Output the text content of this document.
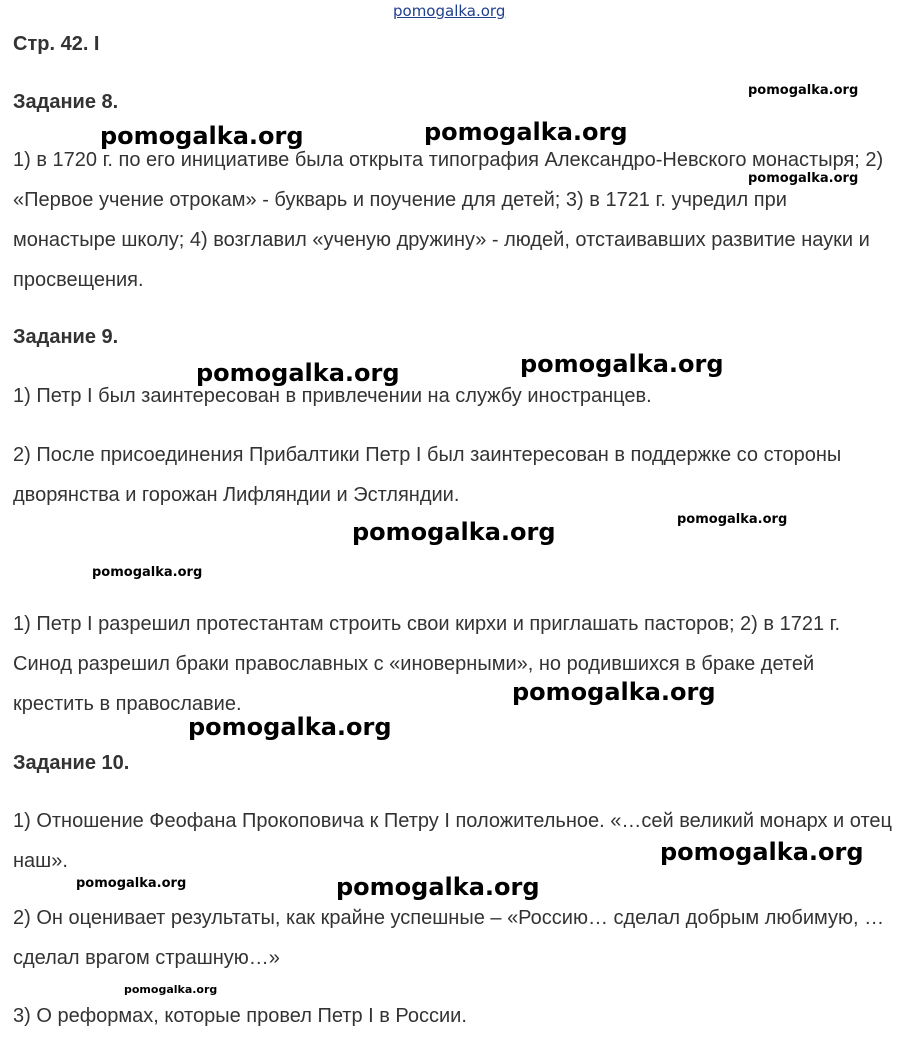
pomogalka.org
Стр. 42. I
Задание 8.

1) в 1720 г. по его инициативе была открыта типография Александро-Невского монастыря; 2) «Первое учение отрокам» - букварь и поучение для детей; 3) в 1721 г. учредил при монастыре школу; 4) возглавил «ученую дружину» - людей, отстаивавших развитие науки и просвещения.

Задание 9.

1) Петр I был заинтересован в привлечении на службу иностранцев.

2) После присоединения Прибалтики Петр I был заинтересован в поддержке со стороны дворянства и горожан Лифляндии и Эстляндии.

1) Петр I разрешил протестантам строить свои кирхи и приглашать пасторов; 2) в 1721 г. Синод разрешил браки православных с «иноверными», но родившихся в браке детей крестить в православие.

Задание 10.

1) Отношение Феофана Прокоповича к Петру I положительное. «…сей великий монарх и отец наш».

2) Он оценивает результаты, как крайне успешные – «Россию… сделал добрым любимую, … сделал врагом страшную…»

3) О реформах, которые провел Петр I в России.

pomogalka.org
pomogalka.org	pomogalka.org
pomogalka.org
pomogalka.org	pomogalka.org
pomogalka.org
pomogalka.org
pomogalka.org
pomogalka.org
pomogalka.org
pomogalka.org
pomogalka.org	pomogalka.org
pomogalka.org
